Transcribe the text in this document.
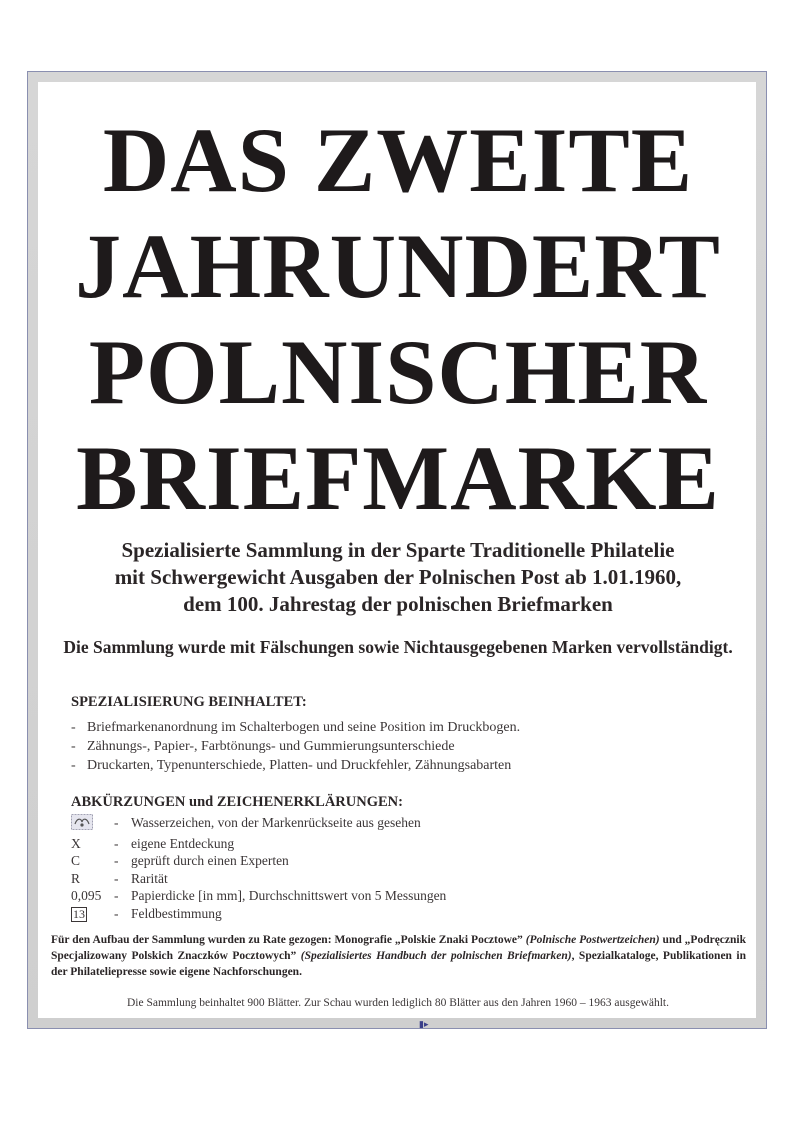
DAS ZWEITE
JAHRUNDERT
POLNISCHER
BRIEFMARKE
Spezialisierte Sammlung in der Sparte Traditionelle Philatelie
mit Schwergewicht Ausgaben der Polnischen Post ab 1.01.1960,
dem 100. Jahrestag der polnischen Briefmarken
Die Sammlung wurde mit Fälschungen sowie Nichtausgegebenen Marken vervollständigt.
SPEZIALISIERUNG BEINHALTET:
- Briefmarkenanordnung im Schalterbogen und seine Position im Druckbogen.
- Zähnungs-, Papier-, Farbtönungs- und Gummierungsunterschiede
- Druckarten, Typenunterschiede, Platten- und Druckfehler, Zähnungsabarten
ABKÜRZUNGEN und ZEICHENERKLÄRUNGEN:
- Wasserzeichen, von der Markenrückseite aus gesehen
X	- eigene Entdeckung
C	- geprüft durch einen Experten
R	- Rarität
0,095 - Papierdicke [in mm], Durchschnittswert von 5 Messungen
13	- Feldbestimmung
Für den Aufbau der Sammlung wurden zu Rate gezogen: Monografie „Polskie Znaki Pocztowe” (Polnische Postwertzeichen) und „Podręcznik Specjalizowany Polskich Znaczków Pocztowych” (Spezialisiertes Handbuch der polnischen Briefmarken), Spezialkataloge, Publikationen in der Philateliepresse sowie eigene Nachforschungen.
Die Sammlung beinhaltet 900 Blätter. Zur Schau wurden lediglich 80 Blätter aus den Jahren 1960 – 1963 ausgewählt.
▮▸
